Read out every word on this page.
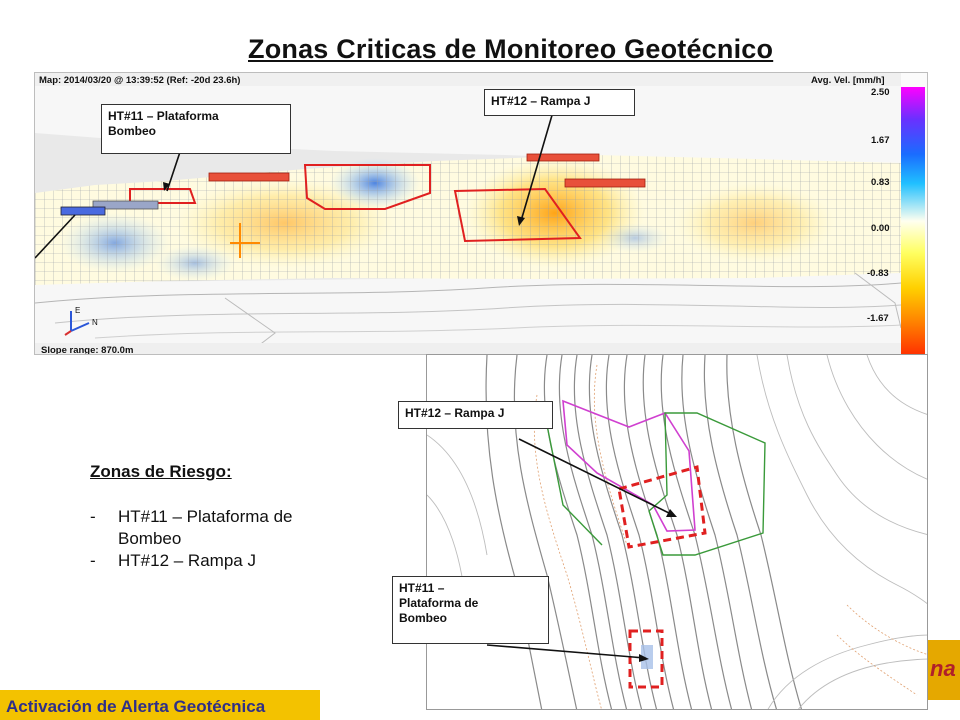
Zonas Criticas de Monitoreo Geotécnico
Map: 2014/03/20 @ 13:39:52 (Ref: -20d 23.6h)	Avg. Vel. [mm/h]
Slope range: 870.0m
N
E
2.50
1.67
0.83
0.00
-0.83
-1.67
HT#11 – Plataforma
Bombeo
HT#12 – Rampa J
HT#12 – Rampa J
HT#11 –
Plataforma de
Bombeo
Zonas de Riesgo:
- HT#11 – Plataforma de Bombeo
- HT#12 – Rampa J
Activación de Alerta Geotécnica
na
